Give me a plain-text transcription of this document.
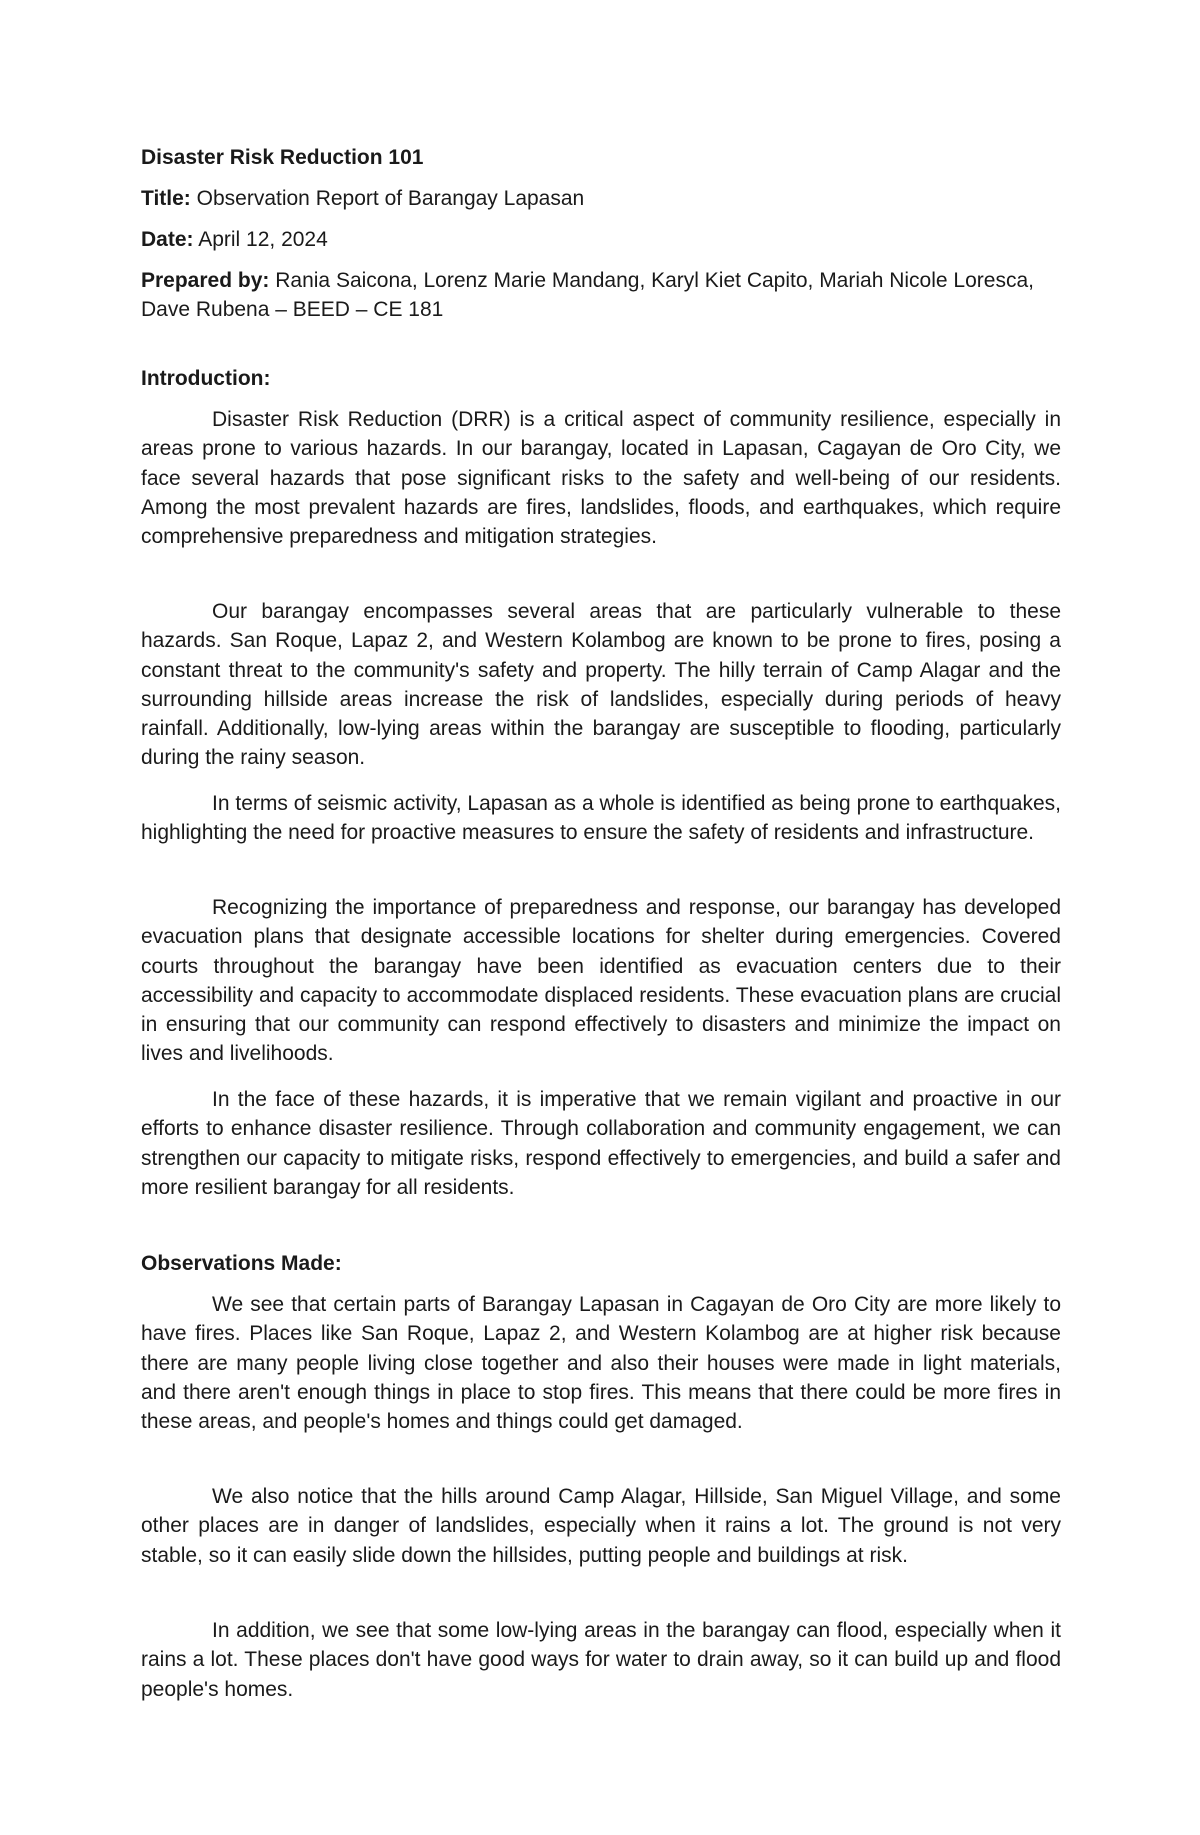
Disaster Risk Reduction 101

Title: Observation Report of Barangay Lapasan

Date: April 12, 2024

Prepared by: Rania Saicona, Lorenz Marie Mandang, Karyl Kiet Capito, Mariah Nicole Loresca, Dave Rubena – BEED – CE 181

Introduction:

Disaster Risk Reduction (DRR) is a critical aspect of community resilience, especially in areas prone to various hazards. In our barangay, located in Lapasan, Cagayan de Oro City, we face several hazards that pose significant risks to the safety and well-being of our residents. Among the most prevalent hazards are fires, landslides, floods, and earthquakes, which require comprehensive preparedness and mitigation strategies.

Our barangay encompasses several areas that are particularly vulnerable to these hazards. San Roque, Lapaz 2, and Western Kolambog are known to be prone to fires, posing a constant threat to the community's safety and property. The hilly terrain of Camp Alagar and the surrounding hillside areas increase the risk of landslides, especially during periods of heavy rainfall. Additionally, low-lying areas within the barangay are susceptible to flooding, particularly during the rainy season.

In terms of seismic activity, Lapasan as a whole is identified as being prone to earthquakes, highlighting the need for proactive measures to ensure the safety of residents and infrastructure.

Recognizing the importance of preparedness and response, our barangay has developed evacuation plans that designate accessible locations for shelter during emergencies. Covered courts throughout the barangay have been identified as evacuation centers due to their accessibility and capacity to accommodate displaced residents. These evacuation plans are crucial in ensuring that our community can respond effectively to disasters and minimize the impact on lives and livelihoods.

In the face of these hazards, it is imperative that we remain vigilant and proactive in our efforts to enhance disaster resilience. Through collaboration and community engagement, we can strengthen our capacity to mitigate risks, respond effectively to emergencies, and build a safer and more resilient barangay for all residents.

Observations Made:

We see that certain parts of Barangay Lapasan in Cagayan de Oro City are more likely to have fires. Places like San Roque, Lapaz 2, and Western Kolambog are at higher risk because there are many people living close together and also their houses were made in light materials, and there aren't enough things in place to stop fires. This means that there could be more fires in these areas, and people's homes and things could get damaged.

We also notice that the hills around Camp Alagar, Hillside, San Miguel Village, and some other places are in danger of landslides, especially when it rains a lot. The ground is not very stable, so it can easily slide down the hillsides, putting people and buildings at risk.

In addition, we see that some low-lying areas in the barangay can flood, especially when it rains a lot. These places don't have good ways for water to drain away, so it can build up and flood people's homes.
